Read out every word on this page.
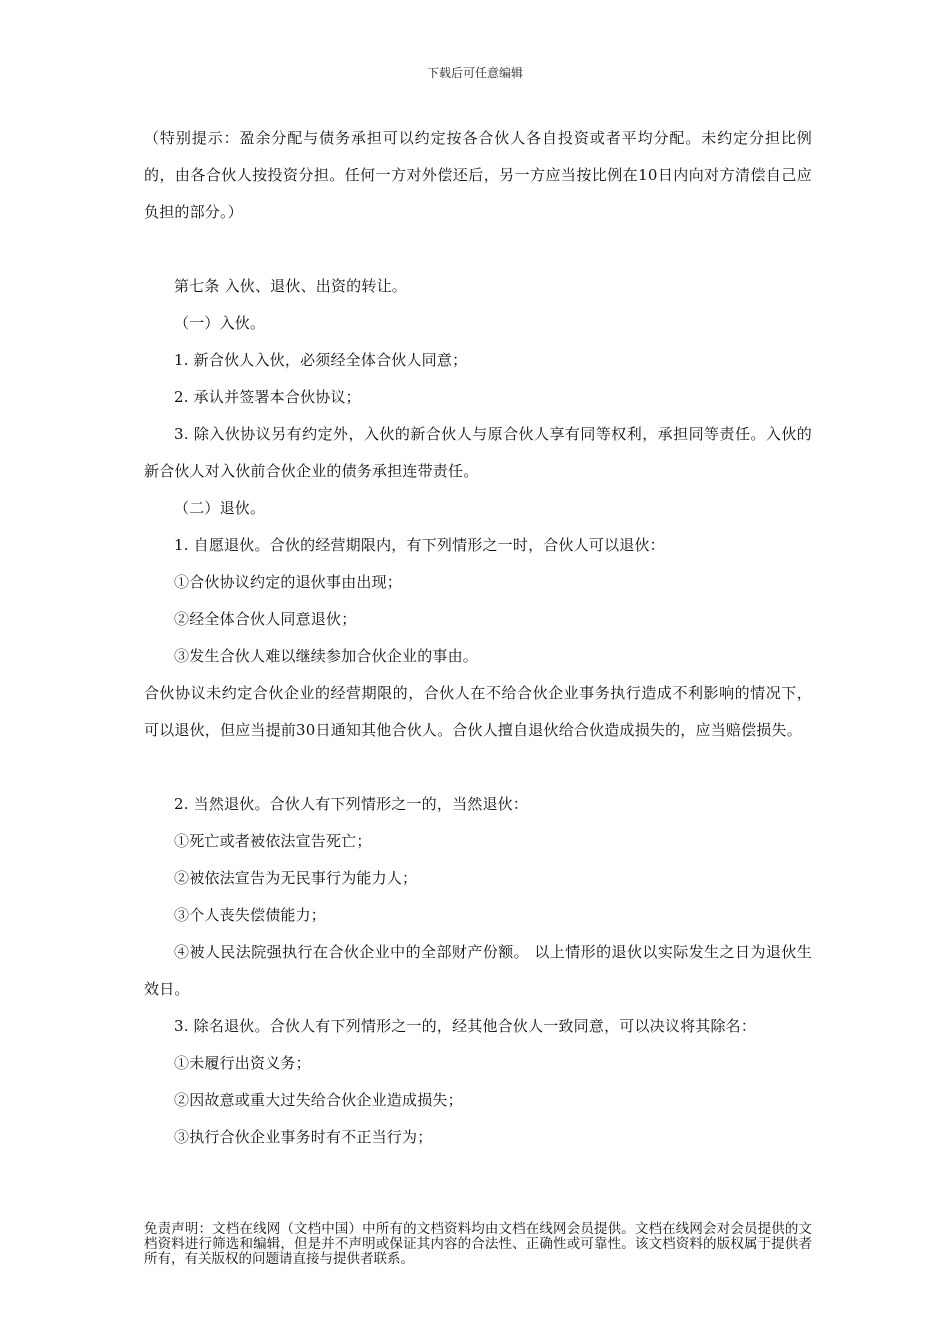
下载后可任意编辑

（特别提示：盈余分配与债务承担可以约定按各合伙人各自投资或者平均分配。未约定分担比例的，由各合伙人按投资分担。任何一方对外偿还后，另一方应当按比例在10日内向对方清偿自己应负担的部分。）

第七条 入伙、退伙、出资的转让。

（一）入伙。

1. 新合伙人入伙，必须经全体合伙人同意；

2. 承认并签署本合伙协议；

3. 除入伙协议另有约定外，入伙的新合伙人与原合伙人享有同等权利，承担同等责任。入伙的新合伙人对入伙前合伙企业的债务承担连带责任。

（二）退伙。

1. 自愿退伙。合伙的经营期限内，有下列情形之一时，合伙人可以退伙：

①合伙协议约定的退伙事由出现；

②经全体合伙人同意退伙；

③发生合伙人难以继续参加合伙企业的事由。

合伙协议未约定合伙企业的经营期限的，合伙人在不给合伙企业事务执行造成不利影响的情况下，可以退伙，但应当提前30日通知其他合伙人。合伙人擅自退伙给合伙造成损失的，应当赔偿损失。

2. 当然退伙。合伙人有下列情形之一的，当然退伙：

①死亡或者被依法宣告死亡；

②被依法宣告为无民事行为能力人；

③个人丧失偿债能力；

④被人民法院强执行在合伙企业中的全部财产份额。 以上情形的退伙以实际发生之日为退伙生效日。

3. 除名退伙。合伙人有下列情形之一的，经其他合伙人一致同意，可以决议将其除名：

①未履行出资义务；

②因故意或重大过失给合伙企业造成损失；

③执行合伙企业事务时有不正当行为；

免责声明：文档在线网（文档中国）中所有的文档资料均由文档在线网会员提供。文档在线网会对会员提供的文档资料进行筛选和编辑，但是并不声明或保证其内容的合法性、正确性或可靠性。该文档资料的版权属于提供者所有，有关版权的问题请直接与提供者联系。
